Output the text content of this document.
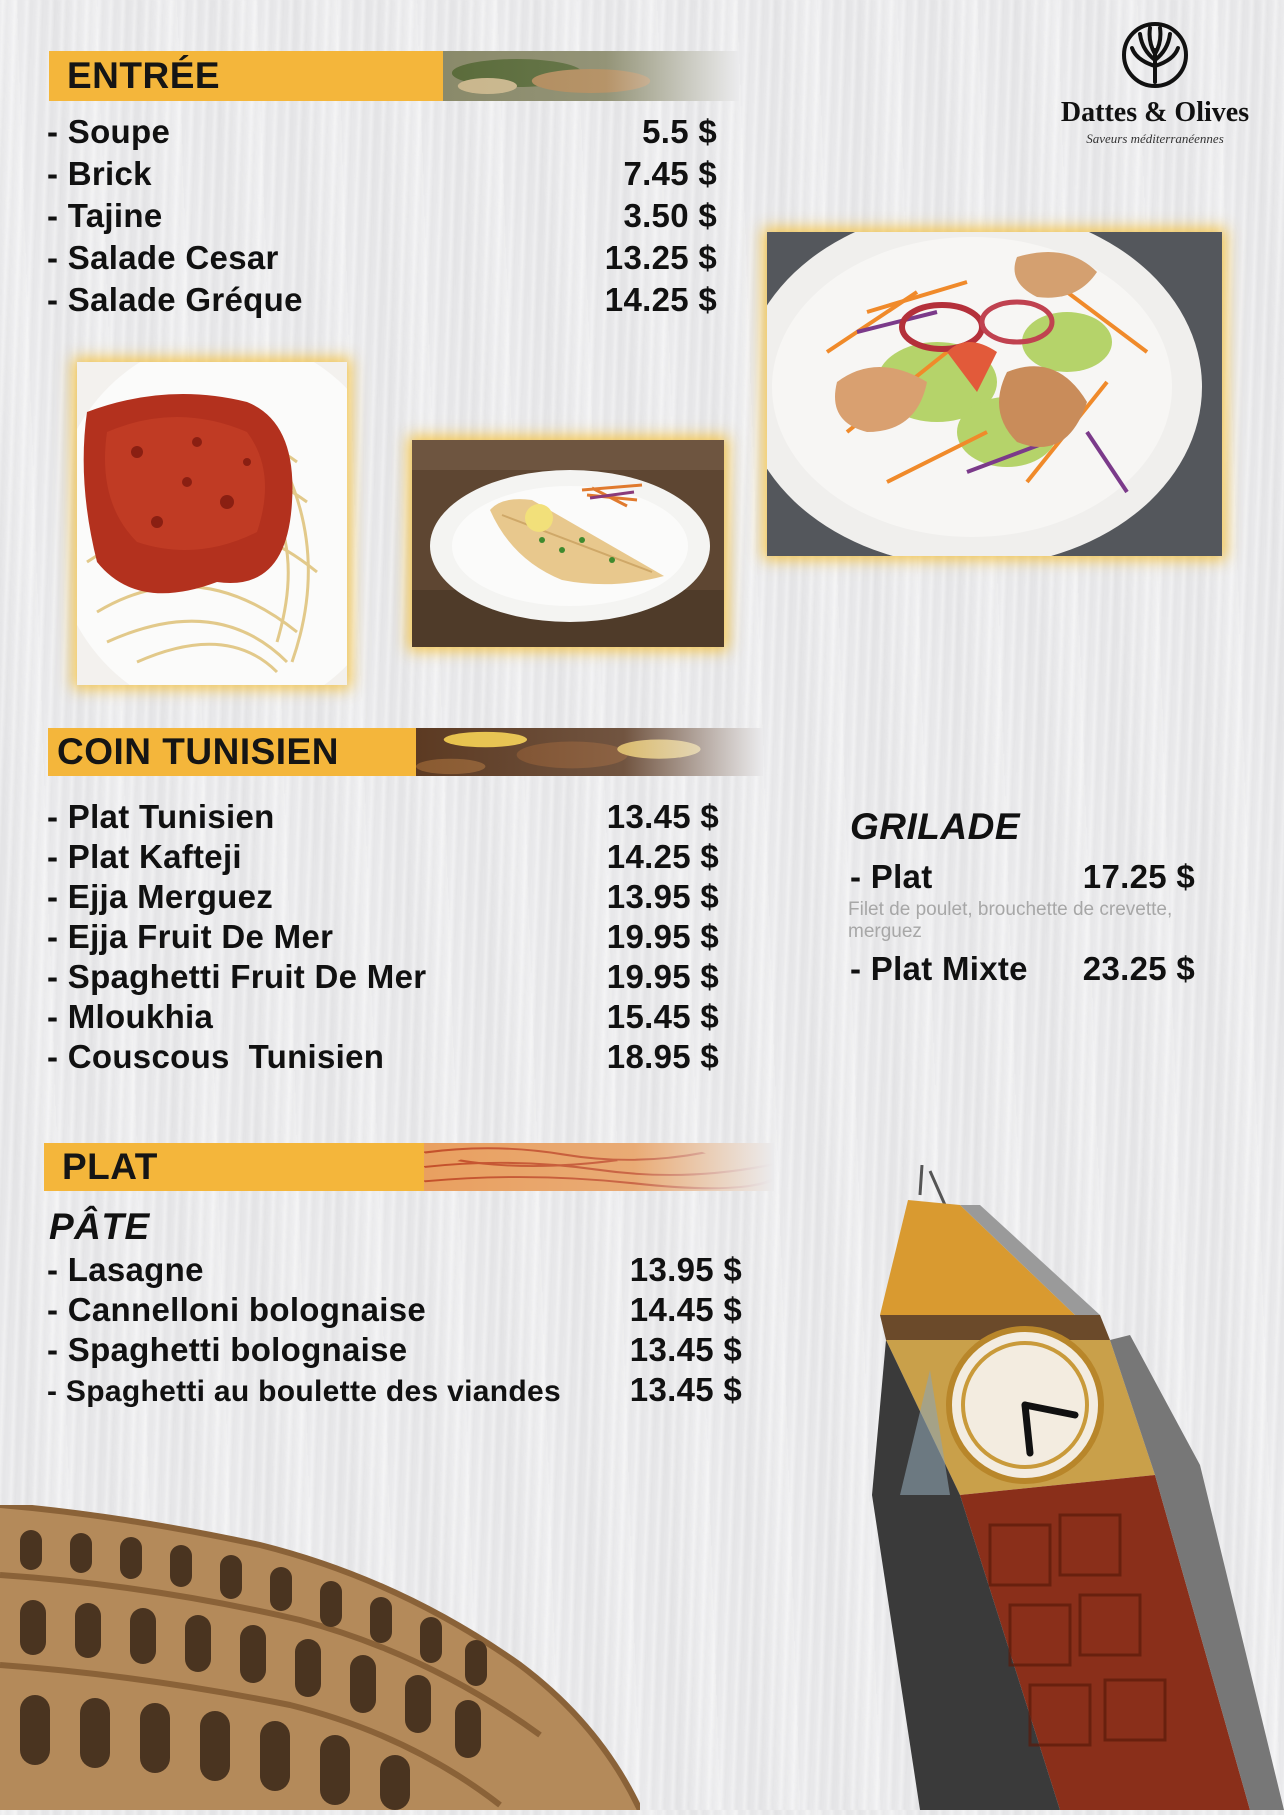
Dattes & Olives
Saveurs méditerranéennes
ENTRÉE
- Soupe	5.5 $
- Brick	7.45 $
- Tajine	3.50 $
- Salade Cesar	13.25 $
- Salade Gréque	14.25 $
COIN TUNISIEN
- Plat Tunisien	13.45 $
- Plat Kafteji	14.25 $
- Ejja Merguez	13.95 $
- Ejja Fruit De Mer	19.95 $
- Spaghetti Fruit De Mer	19.95 $
- Mloukhia	15.45 $
- Couscous  Tunisien	18.95 $
GRILADE
- Plat	17.25 $
Filet de poulet, brouchette de crevette, merguez
- Plat Mixte 23.25 $
PLAT
PÂTE
- Lasagne	13.95 $
- Cannelloni bolognaise	14.45 $
- Spaghetti bolognaise	13.45 $
- Spaghetti au boulette des viandes 13.45 $
